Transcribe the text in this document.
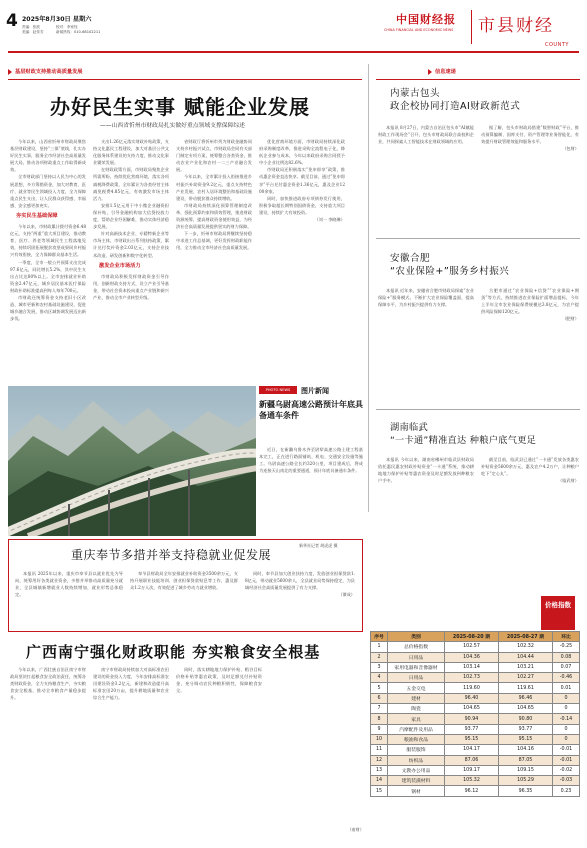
4 2025年8月30日 星期六
责编：张波
美编：赵传芳
校对：李家钰
新闻热线：010-68102211
中国财经报
CHINA FINANCIAL AND ECONOMIC NEWS 市县财经
COUNTY
基层财政支持推动高质量发展
办好民生实事 赋能企业发展
——山西省忻州市财政局扎实做好重点领域支撑保障综述

今年以来，山西省忻州市财政局聚焦基层财政建设，坚持“三保”底线，扎实办好民生实事，服务全市经济社会高质量发展大局，推动各项财政重点工作取得新成效。

全市财政部门坚持以人民为中心的发展思想，多方筹措资金，加大对教育、医疗、就业等民生领域投入力度，全力保障重点民生支出，让人民群众获得感、幸福感、安全感更加充实。

夯实民生基础保障

今年以来，市财政累计拨付资金6.48亿元，支持“两重”重大项目建设，推动教育、医疗、养老等领域民生工程落地见效，持续巩固拓展脱贫攻坚成果同乡村振兴有效衔接，全力保障群众基本生活。

一季度，全市一般公共预算支出完成97.6亿元，同比增长5.2%，其中民生支出占比达80%以上。全市安排就业补助资金2.47亿元，城乡居民基本医疗保险财政补助标准提高到每人每年700元。

市财政还统筹资金支持老旧小区改造、城市更新和农村基础设施建设，促进城乡融合发展，推动区域协调发展迈出新步伐。

支出1.26亿元落实财政补贴政策，支持文化惠民工程建设，加大对基层公共文化服务体系建设的支持力度，推动文化事业繁荣发展。

在财政政策方面，市财政局聚焦企业所需所盼，持续优化营商环境，落实各项减税降费政策，全年累计为各类经营主体减免税费4.85亿元，有效激发市场主体活力。

安排1.5亿元用于中小微企业融资担保补贴，引导金融机构加大信贷投放力度，帮助企业纾困解难，推动实体经济稳步发展。

针对高新技术企业、专精特新企业等市场主体，市财政出台系列扶持政策，累计兑付奖补资金2.03亿元，支持企业技术改造、研发创新和数字化转型。

激发企业市场活力

市财政局积极发挥财政资金引导作用，创新财政支持方式，设立产业引导基金，带动社会资本投向重点产业链和新兴产业，推动全市产业转型升级。

省财政厅将忻州市列为财政金融协同支持乡村振兴试点，市财政局会同有关部门制定专项方案，统筹整合各类资金，推动农业产业化和农村一二三产业融合发展。

今年以来，全市累计投入衔接推进乡村振兴补助资金9.2亿元，重点支持特色产业发展、农村人居环境整治和基础设施建设，带动脱贫群众持续增收。

市财政局持续深化预算管理制度改革，强化预算约束和绩效管理，推进财政资源统筹，提高财政资金使用效益，为经济社会高质量发展提供坚实的财力保障。

下一步，忻州市财政局将继续坚持稳中求进工作总基调，更好发挥财政职能作用，全力推动全市经济社会高质量发展。

优化营商环境方面，市财政局持续深化政府采购制度改革，推进采购全流程电子化，降低企业参与成本，今年以来政府采购合同授予中小企业比例达82.6%。

市财政局还积极落实“免申即享”政策，推动惠企资金直达快享。截至目前，通过“免申即享”平台兑付惠企资金1.36亿元，惠及企业1200余家。

同时，加快推进政府专项债券发行使用，积极争取超长期特别国债资金，支持重大项目建设，持续扩大有效投资。

（刘一 李晓琳）
PHOTO NEWS	图片新闻
新疆乌尉高速公路预计年底具备通车条件

近日，在新疆乌鲁木齐至尉犁高速公路土建工程基本完工，正在进行路面铺筑、机电、交通安全设施等施工。乌尉高速公路全长约320公里，项目建成后，将成为连接天山南北的重要通道，预计年底具备通车条件。

新华社记者 胡虎虎 摄
信息速递
内蒙古包头
政企校协同打造AI财政新范式

本报讯 8月27日，内蒙古自治区包头市“AI赋能财政工作现场会”召开，包头市财政局联合高校和企业，共同探索人工智能技术在财政领域的应用。

据了解，包头市财政局搭建“数智财政”平台，推动预算编制、国库支付、资产管理等业务智能化，有效提升财政管理效能和服务水平。

（包财）
安徽合肥
“农业保险+”服务乡村振兴

本报讯 近年来，安徽省合肥市财政局探索“农业保险+”服务模式，不断扩大农业保险覆盖面，提高保障水平，为乡村振兴提供有力支撑。

合肥市通过“农业保险+信贷”“农业保险+期货”等方式，持续推进农业保险扩面增品提标，今年上半年全市农业保险保费规模达3.8亿元，为农户提供风险保障120亿元。

（肥财）
湖南临武
“一卡通”精准直达 种粮户底气更足

本报讯 今年以来，湖南省郴州市临武县财政局依托惠民惠农财政补贴资金“一卡通”系统，推动耕地地力保护补贴等惠农资金及时足额发放到种粮农户手中。

截至目前，临武县已通过“一卡通”发放各类惠农补贴资金5600余万元，惠及农户4.2万户，让种粮户吃下“定心丸”。

（临武财）
重庆奉节多措并举支持稳就业促发展

本报讯 2025年以来，重庆市奉节县以就业优先为导向，统筹用好各类就业资金，多措并举推动高质量充分就业，全县城镇新增就业人数持续增加，就业形势总体稳定。

奉节县财政局全年安排就业补助资金3500余万元，支持开展职业技能培训、创业担保贷款贴息等工作，惠及群众1.2万人次，有效促进了城乡劳动力就业增收。

同时，奉节县加大创业扶持力度，发放创业担保贷款1.8亿元，带动就业5600余人，全县就业局势保持稳定，为县域经济社会高质量发展提供了有力支撑。

（谭成）
广西南宁强化财政职能 夯实粮食安全根基

今年以来，广西壮族自治区南宁市财政局坚决扛起粮食安全政治责任，统筹各类财政资金，全力支持粮食生产，夯实粮食安全根基，推动全市粮食产量稳步提升。

南宁市财政局持续加大对高标准农田建设的资金投入力度，今年安排高标准农田建设资金3.2亿元，新建和改造提升高标准农田20万亩，提升耕地质量和农业综合生产能力。

同时，落实耕地地力保护补贴、稻谷目标价格补贴等惠农政策，及时足额兑付补贴资金，充分调动农民种粮积极性，保障粮食安全。

（南财）
价格指数
序号	类别	2025-08-20 期	2025-08-27 期	环比
1	总价格指数	102.57	102.32	-0.25
2	日用品	104.36	104.44	0.08
3	家用电器和音像器材	103.14	103.21	0.07
4	日用品	102.73	102.27	-0.46
5	五金交电	119.60	119.61	0.01
6	建材	96.40	96.46	0
7	陶瓷	104.65	104.65	0
8	家具	90.94	90.80	-0.14
9	汽摩配件及用品	93.77	93.77	0
10	粮油和食品	95.15	95.15	0
11	服装服饰	104.17	104.16	-0.01
12	纺织品	87.06	87.05	-0.01
13	文教办公用品	109.17	109.15	-0.02
14	建筑装潢材料	105.32	105.29	-0.03
15	钢材	96.12	96.35	0.23
